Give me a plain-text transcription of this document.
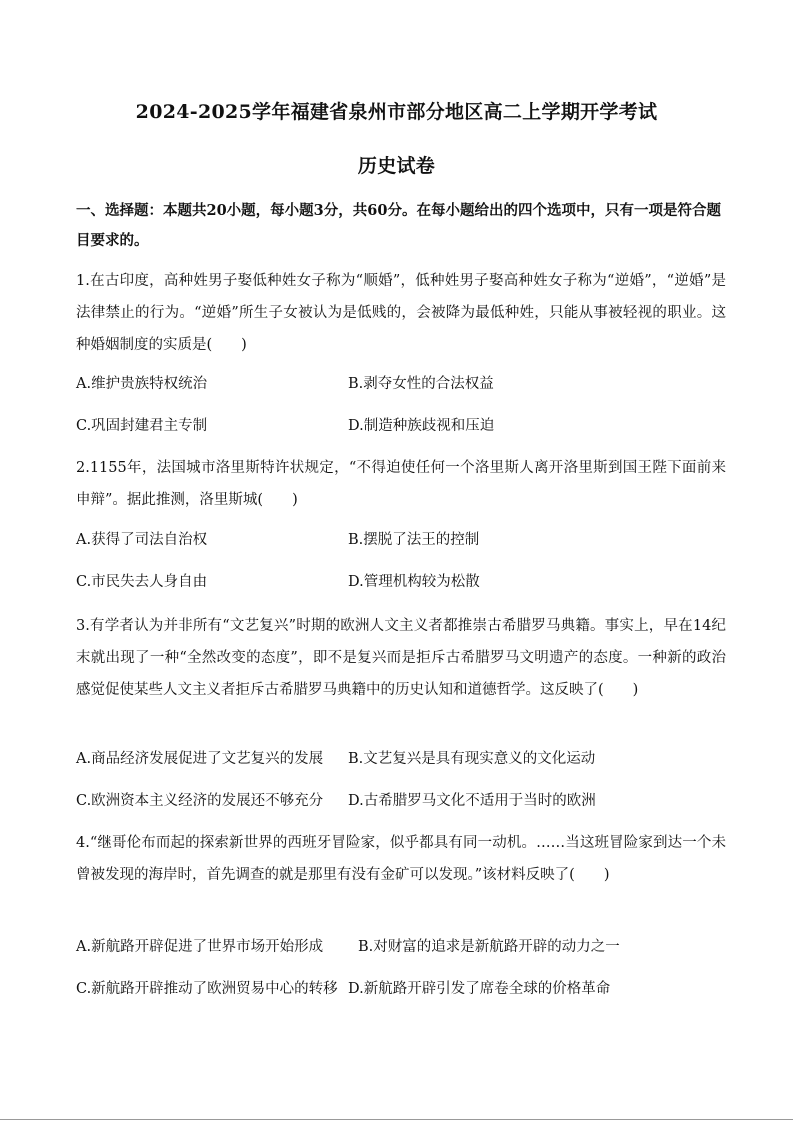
2024-2025学年福建省泉州市部分地区高二上学期开学考试
历史试卷
一、选择题：本题共20小题，每小题3分，共60分。在每小题给出的四个选项中，只有一项是符合题目要求的。
1.在古印度，高种姓男子娶低种姓女子称为“顺婚”，低种姓男子娶高种姓女子称为“逆婚”，“逆婚”是法律禁止的行为。“逆婚”所生子女被认为是低贱的，会被降为最低种姓，只能从事被轻视的职业。这种婚姻制度的实质是(　　)
A.维护贵族特权统治	B.剥夺女性的合法权益
C.巩固封建君主专制	D.制造种族歧视和压迫
2.1155年，法国城市洛里斯特许状规定，“不得迫使任何一个洛里斯人离开洛里斯到国王陛下面前来申辩”。据此推测，洛里斯城(　　)
A.获得了司法自治权	B.摆脱了法王的控制
C.市民失去人身自由	D.管理机构较为松散
3.有学者认为并非所有“文艺复兴”时期的欧洲人文主义者都推崇古希腊罗马典籍。事实上，早在14纪末就出现了一种“全然改变的态度”，即不是复兴而是拒斥古希腊罗马文明遗产的态度。一种新的政治感觉促使某些人文主义者拒斥古希腊罗马典籍中的历史认知和道德哲学。这反映了(　　)
A.商品经济发展促进了文艺复兴的发展 B.文艺复兴是具有现实意义的文化运动
C.欧洲资本主义经济的发展还不够充分 D.古希腊罗马文化不适用于当时的欧洲
4.“继哥伦布而起的探索新世界的西班牙冒险家，似乎都具有同一动机。……当这班冒险家到达一个未曾被发现的海岸时，首先调查的就是那里有没有金矿可以发现。”该材料反映了(　　)
A.新航路开辟促进了世界市场开始形成 B.对财富的追求是新航路开辟的动力之一
C.新航路开辟推动了欧洲贸易中心的转移 D.新航路开辟引发了席卷全球的价格革命
